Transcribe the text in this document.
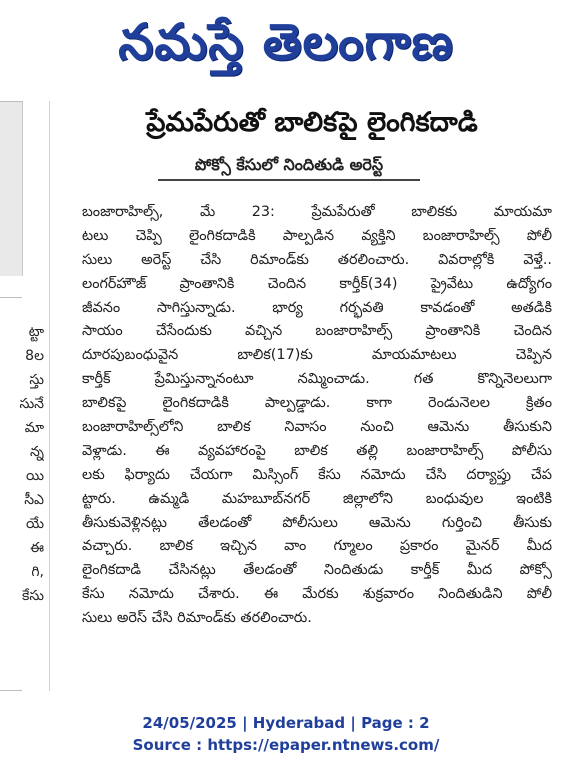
నమస్తే తెలంగాణ
ట్టా
8ల
స్తు
సునే
మా
న్న
యి
సీఎ
యే
ఈ
గి,
కేసు
ప్రేమపేరుతో బాలికపై లైంగికదాడి
పోక్సో కేసులో నిందితుడి అరెస్ట్
బంజారాహిల్స్, మే 23: ప్రేమపేరుతో బాలికకు మాయమా
టలు చెప్పి లైంగికదాడికి పాల్పడిన వ్యక్తిని బంజారాహిల్స్ పోలీ
సులు అరెస్ట్ చేసి రిమాండ్‌కు తరలించారు. వివరాల్లోకి వెళ్తే..
లంగర్‌హౌజ్ ప్రాంతానికి చెందిన కార్తీక్(34) ప్రైవేటు ఉద్యోగం
జీవనం సాగిస్తున్నాడు. భార్య గర్భవతి కావడంతో అతడికి
సాయం చేసేందుకు వచ్చిన బంజారాహిల్స్ ప్రాంతానికి చెందిన
దూరపుబంధువైన బాలిక(17)కు మాయమాటలు చెప్పిన
కార్తీక్ ప్రేమిస్తున్నానంటూ నమ్మించాడు. గత కొన్నినెలలుగా
బాలికపై లైంగికదాడికి పాల్పడ్డాడు. కాగా రెండునెలల క్రితం
బంజారాహిల్స్‌లోని బాలిక నివాసం నుంచి ఆమెను తీసుకుని
వెళ్లాడు. ఈ వ్యవహారంపై బాలిక తల్లి బంజారాహిల్స్ పోలీసు
లకు ఫిర్యాదు చేయగా మిస్సింగ్ కేసు నమోదు చేసి దర్యాప్తు చేప
ట్టారు. ఉమ్మడి మహబూబ్‌నగర్ జిల్లాలోని బంధువుల ఇంటికి
తీసుకువెళ్లినట్లు తేలడంతో పోలీసులు ఆమెను గుర్తించి తీసుకు
వచ్చారు. బాలిక ఇచ్చిన వాం గ్మూలం ప్రకారం మైనర్ మీద
లైంగికదాడి చేసినట్లు తేలడంతో నిందితుడు కార్తీక్ మీద పోక్సో
కేసు నమోదు చేశారు. ఈ మేరకు శుక్రవారం నిందితుడిని పోలీ
సులు అరెస్ చేసి రిమాండ్‌కు తరలించారు.
24/05/2025 | Hyderabad | Page : 2
Source : https://epaper.ntnews.com/
